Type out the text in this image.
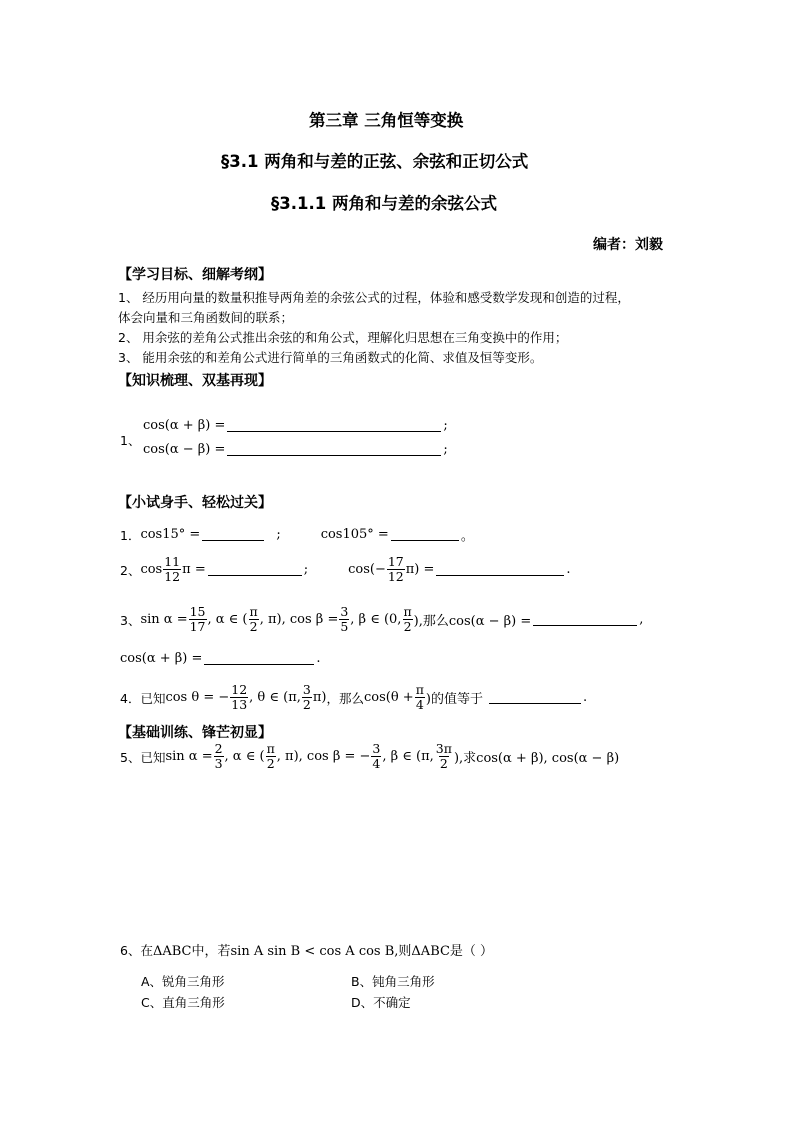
第三章 三角恒等变换
§3.1 两角和与差的正弦、余弦和正切公式
§3.1.1 两角和与差的余弦公式
编者：刘毅
【学习目标、细解考纲】
1、 经历用向量的数量积推导两角差的余弦公式的过程，体验和感受数学发现和创造的过程，
体会向量和三角函数间的联系；
2、 用余弦的差角公式推出余弦的和角公式，理解化归思想在三角变换中的作用；
3、 能用余弦的和差角公式进行简单的三角函数式的化简、求值及恒等变形。
【知识梳理、双基再现】
1、
cos(α + β) =	;
cos(α − β) =	;
【小试身手、轻松过关】
1． cos15° =	;	cos105° =	。
2、 $\cos \frac{11}{12}$ π =	;	$\cos(- \frac{17}{12} \pi)$ =	.
3、 $\sin \alpha = \frac{15}{17}$ , α ∈ ( $\frac{\pi}{2}$ , π), $\cos \beta = \frac{3}{5}$ , β ∈ (0, $\frac{\pi}{2}$ ),那么cos(α − β) =	,
cos(α + β) =	.
4．已知 cos θ = − $\frac{12}{13}$ , θ ∈ (π, $\frac{3}{2} \pi$) ，那么 $\cos(\theta + \frac{\pi}{4}$ )的值等于	.
【基础训练、锋芒初显】
5、已知 $\sin \alpha = \frac{2}{3}$ , α ∈ ( $\frac{\pi}{2}$ , π), cos β = − $\frac{3}{4}$ , β ∈ (π, $\frac{3\pi}{2}$ ),求cos(α + β), cos(α − β)
6、在 ΔABC中，若 sin A sin B < cos A cos B,则ΔABC是（ ）
A、锐角三角形	B、钝角三角形
C、直角三角形	D、不确定
